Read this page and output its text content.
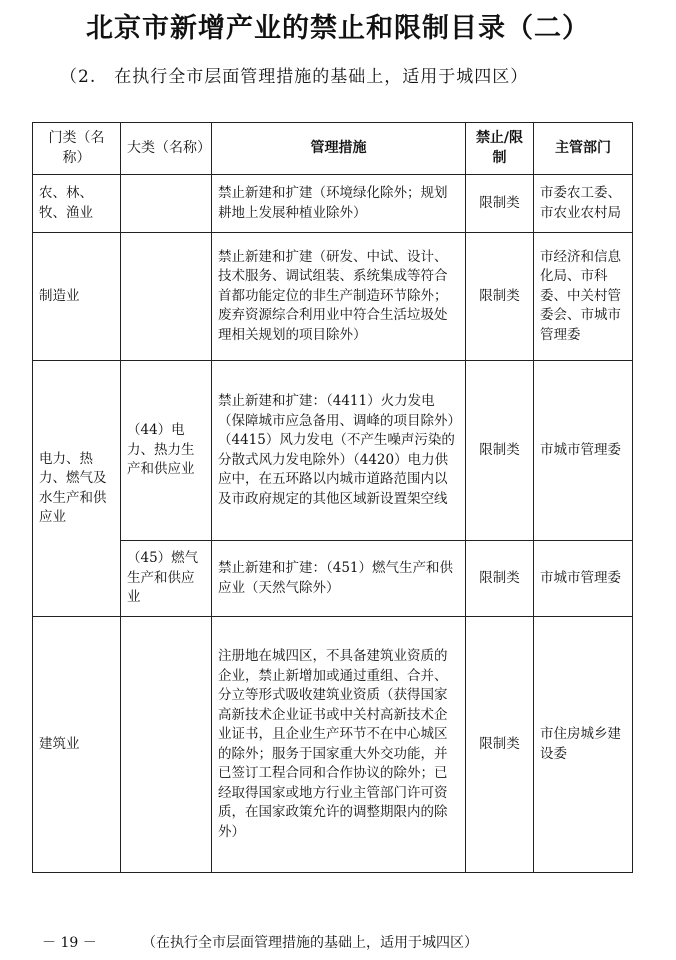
北京市新增产业的禁止和限制目录（二）
（2.　在执行全市层面管理措施的基础上，适用于城四区）
门类（名称）	大类（名称）	管理措施	禁止/限制	主管部门
农、林、牧、渔业		禁止新建和扩建（环境绿化除外；规划耕地上发展种植业除外）	限制类	市委农工委、市农业农村局
制造业		禁止新建和扩建（研发、中试、设计、技术服务、调试组装、系统集成等符合首都功能定位的非生产制造环节除外；废弃资源综合利用业中符合生活垃圾处理相关规划的项目除外）	限制类	市经济和信息化局、市科委、中关村管委会、市城市管理委
电力、热力、燃气及水生产和供应业	（44）电力、热力生产和供应业	禁止新建和扩建：（4411）火力发电（保障城市应急备用、调峰的项目除外）（4415）风力发电（不产生噪声污染的分散式风力发电除外）（4420）电力供应中，在五环路以内城市道路范围内以及市政府规定的其他区域新设置架空线	限制类	市城市管理委
	（45）燃气生产和供应业	禁止新建和扩建：（451）燃气生产和供应业（天然气除外）	限制类	市城市管理委
建筑业		注册地在城四区，不具备建筑业资质的企业，禁止新增加或通过重组、合并、分立等形式吸收建筑业资质（获得国家高新技术企业证书或中关村高新技术企业证书，且企业生产环节不在中心城区的除外；服务于国家重大外交功能，并已签订工程合同和合作协议的除外；已经取得国家或地方行业主管部门许可资质，在国家政策允许的调整期限内的除外）	限制类	市住房城乡建设委
－ 19 －	（在执行全市层面管理措施的基础上，适用于城四区）
